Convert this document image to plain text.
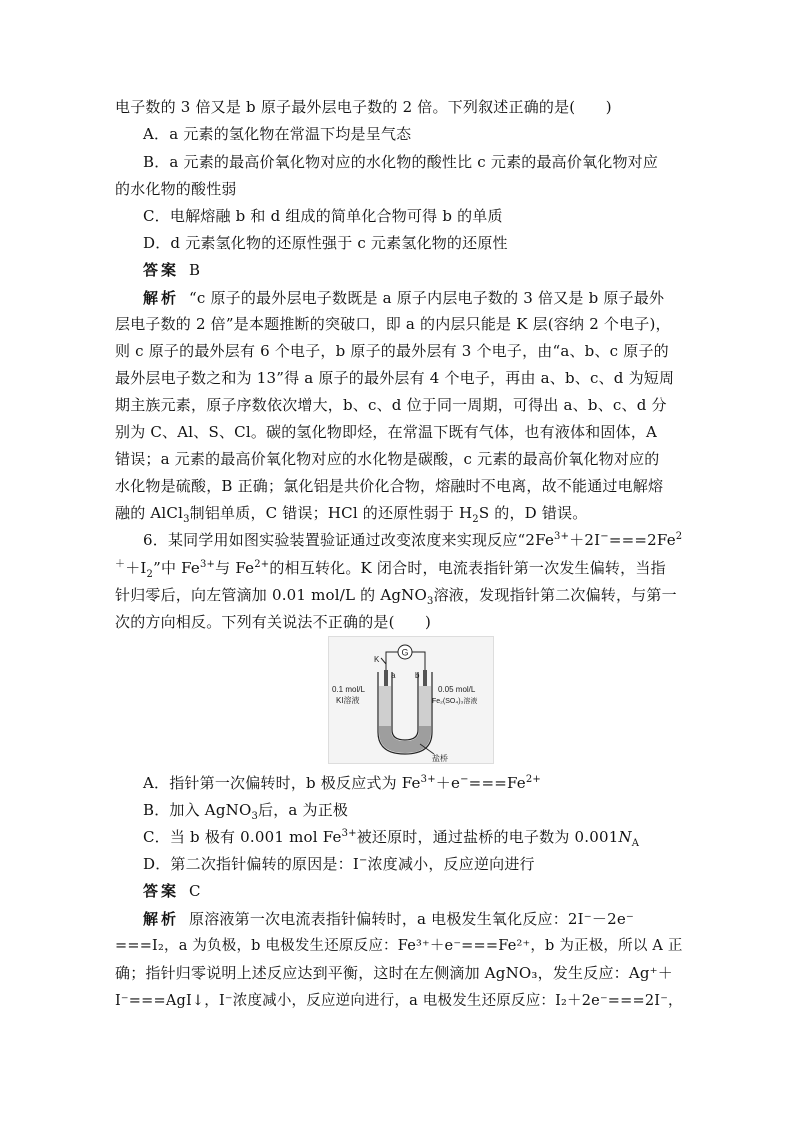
电子数的 3 倍又是 b 原子最外层电子数的 2 倍。下列叙述正确的是(　　)
A．a 元素的氢化物在常温下均是呈气态
B．a 元素的最高价氧化物对应的水化物的酸性比 c 元素的最高价氧化物对应
的水化物的酸性弱
C．电解熔融 b 和 d 组成的简单化合物可得 b 的单质
D．d 元素氢化物的还原性强于 c 元素氢化物的还原性
答案 B
解析 “c 原子的最外层电子数既是 a 原子内层电子数的 3 倍又是 b 原子最外
层电子数的 2 倍”是本题推断的突破口，即 a 的内层只能是 K 层(容纳 2 个电子)，
则 c 原子的最外层有 6 个电子，b 原子的最外层有 3 个电子，由“a、b、c 原子的
最外层电子数之和为 13”得 a 原子的最外层有 4 个电子，再由 a、b、c、d 为短周
期主族元素，原子序数依次增大，b、c、d 位于同一周期，可得出 a、b、c、d 分
别为 C、Al、S、Cl。碳的氢化物即烃，在常温下既有气体，也有液体和固体，A
错误；a 元素的最高价氧化物对应的水化物是碳酸，c 元素的最高价氧化物对应的
水化物是硫酸，B 正确；氯化铝是共价化合物，熔融时不电离，故不能通过电解熔
融的 AlCl$_3$制铝单质，C 错误；HCl 的还原性弱于 $H_2S$ 的，D 错误。
6．某同学用如图实验装置验证通过改变浓度来实现反应“$2Fe^{3+}+2I^-===2Fe^2$
$^++I_2$”中 $Fe^{3+}$与 $Fe^{2+}$的相互转化。K 闭合时，电流表指针第一次发生偏转，当指
针归零后，向左管滴加 0.01 mol/L 的 AgNO$_3$溶液，发现指针第二次偏转，与第一
次的方向相反。下列有关说法不正确的是(　　)
G
K
a b
0.1 mol/L
KI溶液
0.05 mol/L
Fe₂(SO₄)₃溶液
盐桥
A．指针第一次偏转时，b 极反应式为 $Fe^{3+}+e^-===Fe^{2+}$
B．加入 AgNO$_3$后，a 为正极
C．当 b 极有 0.001 mol $Fe^{3+}$被还原时，通过盐桥的电子数为 $0.001N_A$
D．第二次指针偏转的原因是：I−浓度减小，反应逆向进行
答案 C
解析 原溶液第一次电流表指针偏转时，a 电极发生氧化反应：2I⁻－2e⁻
===I₂，a 为负极，b 电极发生还原反应：Fe³⁺＋e⁻===Fe²⁺，b 为正极，所以 A 正
确；指针归零说明上述反应达到平衡，这时在左侧滴加 AgNO₃，发生反应：Ag⁺＋
I⁻===AgI↓，I⁻浓度减小，反应逆向进行，a 电极发生还原反应：I₂＋2e⁻===2I⁻，
